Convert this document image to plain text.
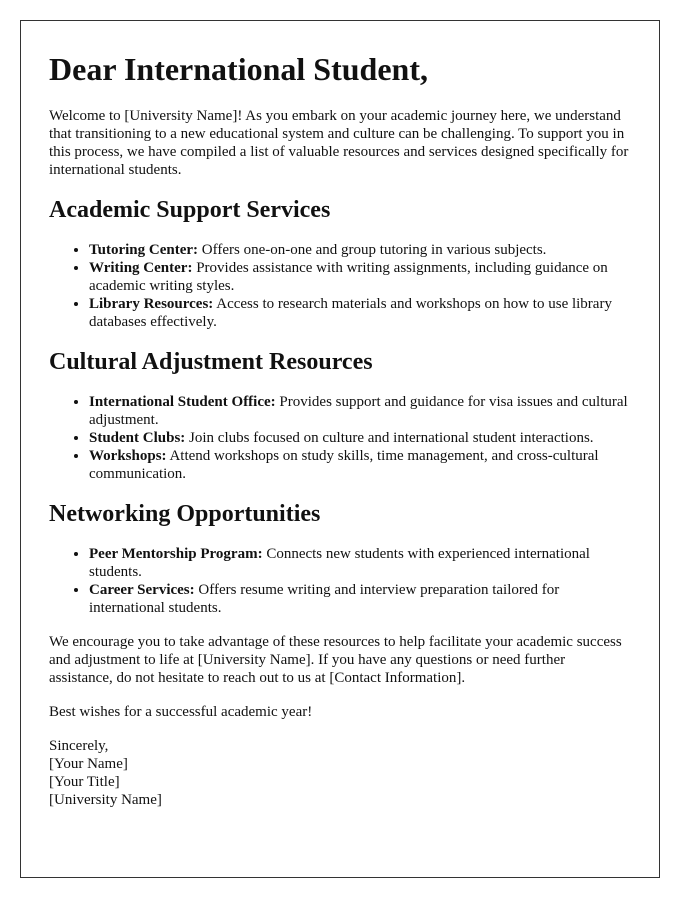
Dear International Student,

Welcome to [University Name]! As you embark on your academic journey here, we understand that transitioning to a new educational system and culture can be challenging. To support you in this process, we have compiled a list of valuable resources and services designed specifically for international students.

Academic Support Services
• Tutoring Center: Offers one-on-one and group tutoring in various subjects.
• Writing Center: Provides assistance with writing assignments, including guidance on academic writing styles.
• Library Resources: Access to research materials and workshops on how to use library databases effectively.
Cultural Adjustment Resources
• International Student Office: Provides support and guidance for visa issues and cultural adjustment.
• Student Clubs: Join clubs focused on culture and international student interactions.
• Workshops: Attend workshops on study skills, time management, and cross-cultural communication.
Networking Opportunities
• Peer Mentorship Program: Connects new students with experienced international students.
• Career Services: Offers resume writing and interview preparation tailored for international students.

We encourage you to take advantage of these resources to help facilitate your academic success and adjustment to life at [University Name]. If you have any questions or need further assistance, do not hesitate to reach out to us at [Contact Information].

Best wishes for a successful academic year!

Sincerely,
[Your Name]
[Your Title]
[University Name]
